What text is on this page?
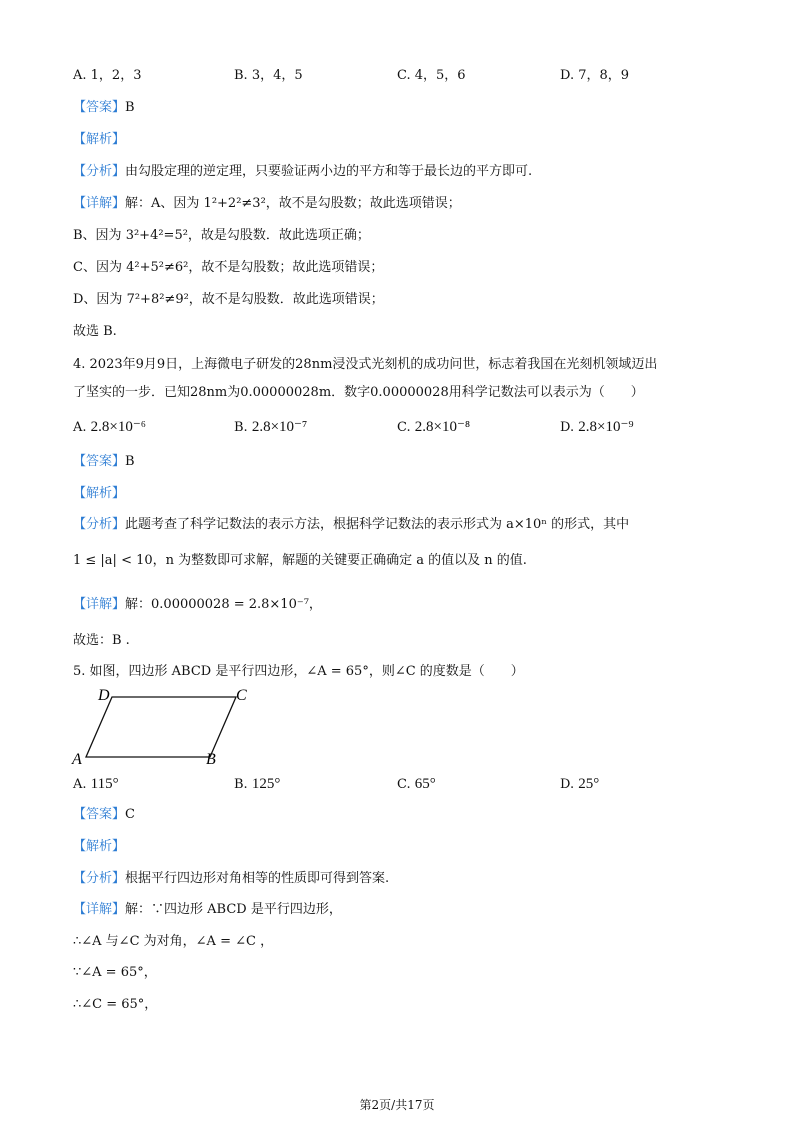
A. 1，2，3	B. 3，4，5	C. 4，5，6	D. 7，8，9
【答案】B
【解析】
【分析】由勾股定理的逆定理，只要验证两小边的平方和等于最长边的平方即可.
【详解】解：A、因为 1²+2²≠3²，故不是勾股数；故此选项错误；
B、因为 3²+4²=5²，故是勾股数．故此选项正确；
C、因为 4²+5²≠6²，故不是勾股数；故此选项错误；
D、因为 7²+8²≠9²，故不是勾股数．故此选项错误；
故选 B.
4. 2023年9月9日，上海微电子研发的28nm浸没式光刻机的成功问世，标志着我国在光刻机领域迈出
了坚实的一步．已知28nm为0.00000028m．数字0.00000028用科学记数法可以表示为（　　）
A. 2.8×10⁻⁶	B. 2.8×10⁻⁷	C. 2.8×10⁻⁸	D. 2.8×10⁻⁹
【答案】B
【解析】
【分析】此题考查了科学记数法的表示方法，根据科学记数法的表示形式为 a×10ⁿ 的形式，其中
1 ≤ |a| < 10，n 为整数即可求解，解题的关键要正确确定 a 的值以及 n 的值.
【详解】解：0.00000028 = 2.8×10⁻⁷，
故选：B .
5. 如图，四边形 ABCD 是平行四边形，∠A = 65°，则∠C 的度数是（　　）
D	C
A	B
A. 115°	B. 125°	C. 65°	D. 25°
【答案】C
【解析】
【分析】根据平行四边形对角相等的性质即可得到答案.
【详解】解：∵四边形 ABCD 是平行四边形，
∴∠A 与∠C 为对角，∠A = ∠C ，
∵∠A = 65°，
∴∠C = 65°，
第2页/共17页
